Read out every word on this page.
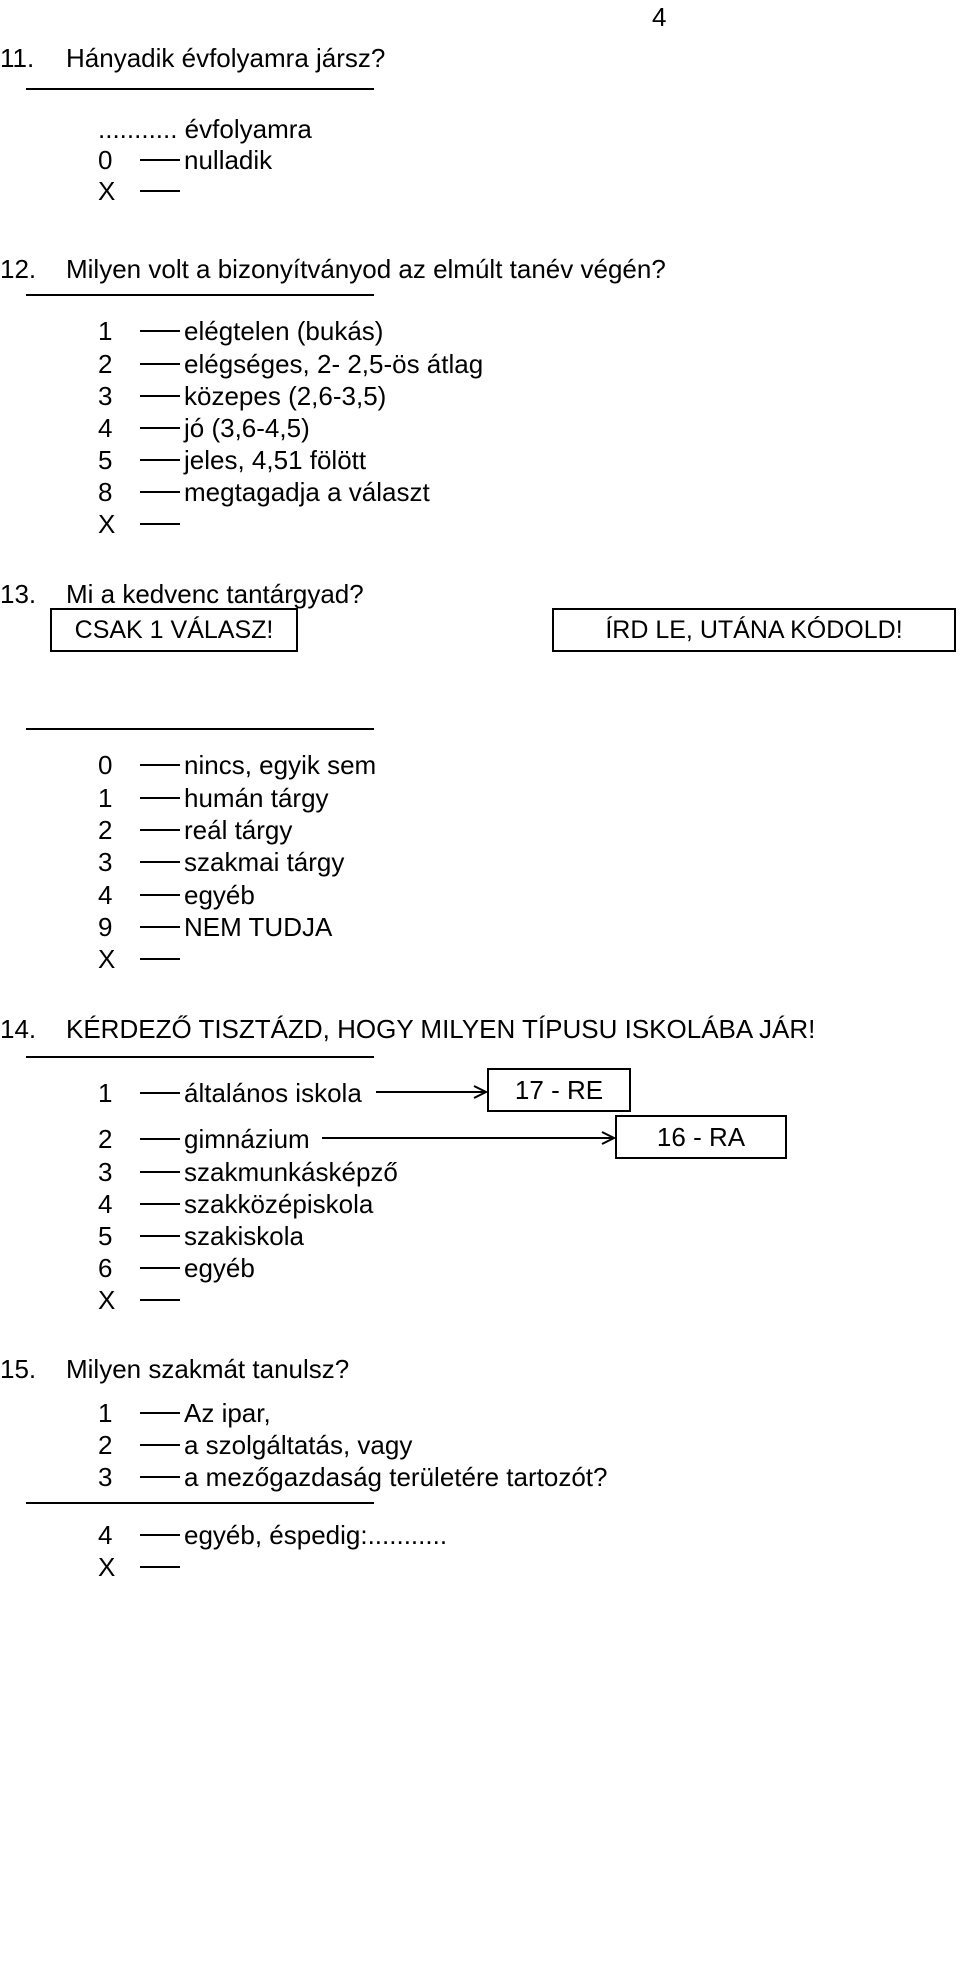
4
11. Hányadik évfolyamra jársz?
........... évfolyamra
0	nulladik
X
12. Milyen volt a bizonyítványod az elmúlt tanév végén?
1	elégtelen (bukás)
2	elégséges, 2- 2,5-ös átlag
3	közepes (2,6-3,5)
4	jó (3,6-4,5)
5	jeles, 4,51 fölött
8	megtagadja a választ
X
13. Mi a kedvenc tantárgyad?
CSAK 1 VÁLASZ!	ÍRD LE, UTÁNA KÓDOLD!
0	nincs, egyik sem
1	humán tárgy
2	reál tárgy
3	szakmai tárgy
4	egyéb
9	NEM TUDJA
X
14. KÉRDEZŐ TISZTÁZD, HOGY MILYEN TÍPUSU ISKOLÁBA JÁR!
1	általános iskola	17 - RE
2	gimnázium	16 - RA
3	szakmunkásképző
4	szakközépiskola
5	szakiskola
6	egyéb
X
15. Milyen szakmát tanulsz?
1	Az ipar,
2	a szolgáltatás, vagy
3	a mezőgazdaság területére tartozót?
4	egyéb, éspedig:...........
X
